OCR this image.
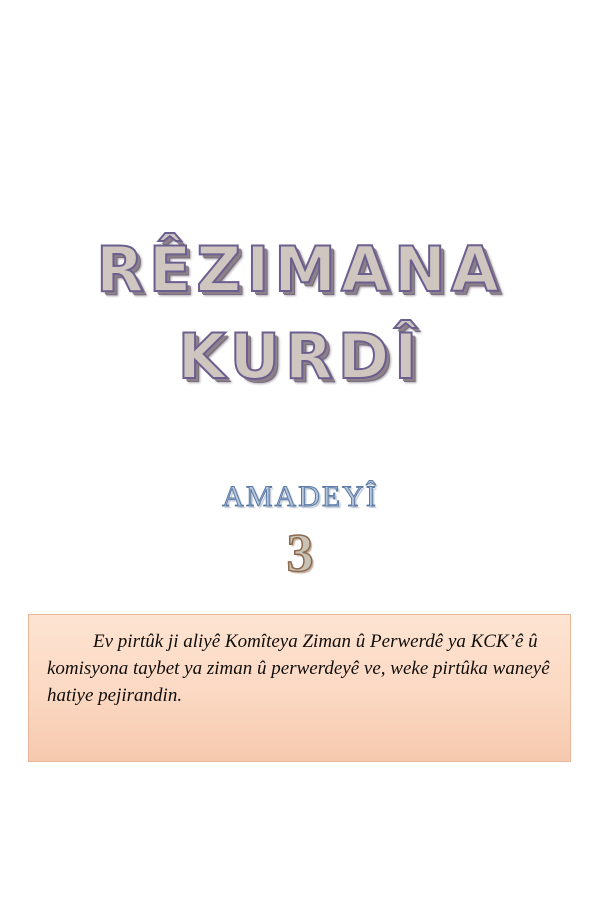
RÊZIMANA
KURDÎ
AMADEYÎ
3

Ev pirtûk ji aliyê Komîteya Ziman û Perwerdê ya KCK’ê û komisyona taybet ya ziman û perwerdeyê ve, weke pirtûka waneyê hatiye pejirandin.
